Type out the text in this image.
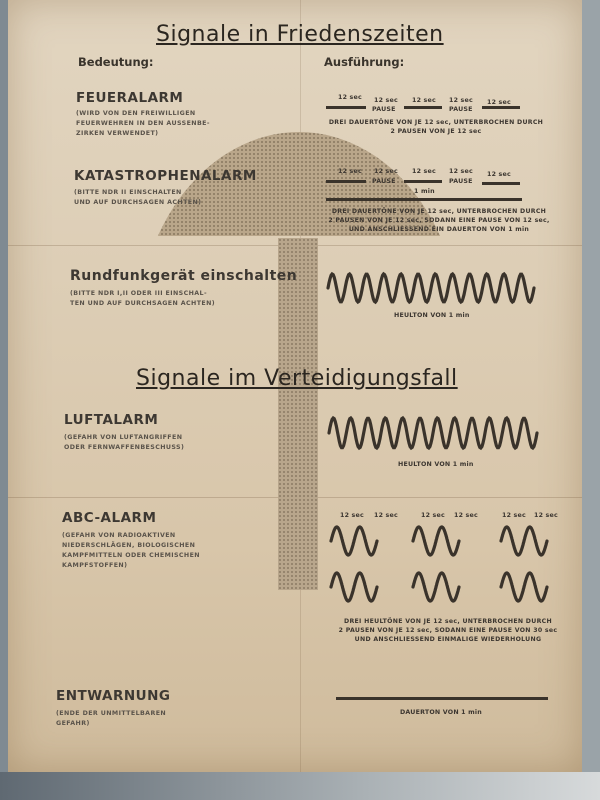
Signale in Friedenszeiten
Bedeutung:	Ausführung:
FEUERALARM
(WIRD VON DEN FREIWILLIGEN
FEUERWEHREN IN DEN AUSSENBE-
ZIRKEN VERWENDET)
12 sec 12 sec 12 sec 12 sec 12 sec
PAUSE	PAUSE
DREI DAUERTÖNE VON JE 12 sec, UNTERBROCHEN DURCH
2 PAUSEN VON JE 12 sec
KATASTROPHENALARM
(BITTE NDR II EINSCHALTEN
UND AUF DURCHSAGEN ACHTEN)
12 sec 12 sec 12 sec 12 sec 12 sec
PAUSE	PAUSE
1 min
DREI DAUERTÖNE VON JE 12 sec, UNTERBROCHEN DURCH
2 PAUSEN VON JE 12 sec, SODANN EINE PAUSE VON 12 sec,
UND ANSCHLIESSEND EIN DAUERTON VON 1 min
Rundfunkgerät einschalten
(BITTE NDR I,II ODER III EINSCHAL-
TEN UND AUF DURCHSAGEN ACHTEN)
HEULTON VON 1 min
Signale im Verteidigungsfall
LUFTALARM
(GEFAHR VON LUFTANGRIFFEN
ODER FERNWAFFENBESCHUSS)
HEULTON VON 1 min
ABC-ALARM
(GEFAHR VON RADIOAKTIVEN
NIEDERSCHLÄGEN, BIOLOGISCHEN
KAMPFMITTELN ODER CHEMISCHEN
KAMPFSTOFFEN)
12 sec 12 sec	12 sec 12 sec	12 sec 12 sec
DREI HEULTÖNE VON JE 12 sec, UNTERBROCHEN DURCH
2 PAUSEN VON JE 12 sec, SODANN EINE PAUSE VON 30 sec
UND ANSCHLIESSEND EINMALIGE WIEDERHOLUNG
ENTWARNUNG
(ENDE DER UNMITTELBAREN
GEFAHR)
DAUERTON VON 1 min
